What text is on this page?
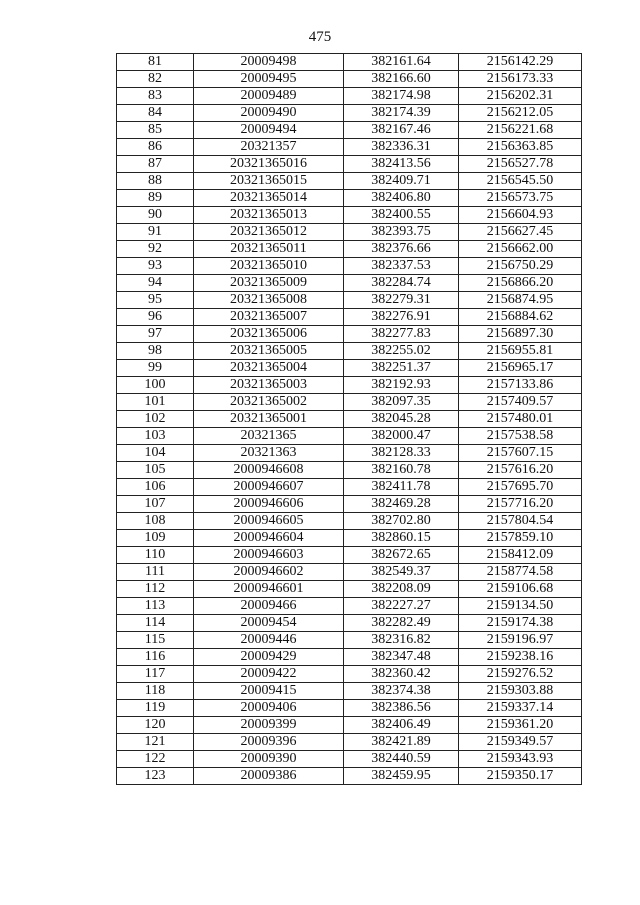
475
81	20009498	382161.64	2156142.29
82	20009495	382166.60	2156173.33
83	20009489	382174.98	2156202.31
84	20009490	382174.39	2156212.05
85	20009494	382167.46	2156221.68
86	20321357	382336.31	2156363.85
87	20321365016	382413.56	2156527.78
88	20321365015	382409.71	2156545.50
89	20321365014	382406.80	2156573.75
90	20321365013	382400.55	2156604.93
91	20321365012	382393.75	2156627.45
92	20321365011	382376.66	2156662.00
93	20321365010	382337.53	2156750.29
94	20321365009	382284.74	2156866.20
95	20321365008	382279.31	2156874.95
96	20321365007	382276.91	2156884.62
97	20321365006	382277.83	2156897.30
98	20321365005	382255.02	2156955.81
99	20321365004	382251.37	2156965.17
100	20321365003	382192.93	2157133.86
101	20321365002	382097.35	2157409.57
102	20321365001	382045.28	2157480.01
103	20321365	382000.47	2157538.58
104	20321363	382128.33	2157607.15
105	2000946608	382160.78	2157616.20
106	2000946607	382411.78	2157695.70
107	2000946606	382469.28	2157716.20
108	2000946605	382702.80	2157804.54
109	2000946604	382860.15	2157859.10
110	2000946603	382672.65	2158412.09
111	2000946602	382549.37	2158774.58
112	2000946601	382208.09	2159106.68
113	20009466	382227.27	2159134.50
114	20009454	382282.49	2159174.38
115	20009446	382316.82	2159196.97
116	20009429	382347.48	2159238.16
117	20009422	382360.42	2159276.52
118	20009415	382374.38	2159303.88
119	20009406	382386.56	2159337.14
120	20009399	382406.49	2159361.20
121	20009396	382421.89	2159349.57
122	20009390	382440.59	2159343.93
123	20009386	382459.95	2159350.17
